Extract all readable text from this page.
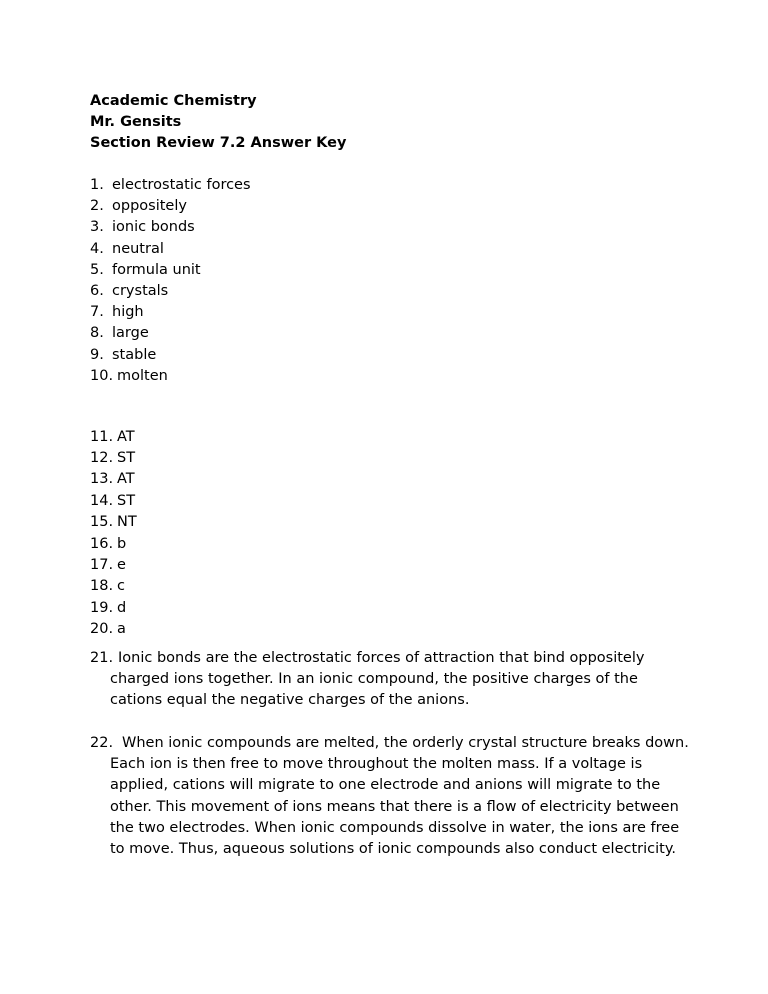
Academic Chemistry
Mr. Gensits
Section Review 7.2 Answer Key
1. electrostatic forces
2. oppositely
3. ionic bonds
4. neutral
5. formula unit
6. crystals
7. high
8. large
9. stable
10. molten
11. AT
12. ST
13. AT
14. ST
15. NT
16. b
17. e
18. c
19. d
20. a
21. Ionic bonds are the electrostatic forces of attraction that bind oppositely charged ions together. In an ionic compound, the positive charges of the cations equal the negative charges of the anions.
22. When ionic compounds are melted, the orderly crystal structure breaks down. Each ion is then free to move throughout the molten mass. If a voltage is applied, cations will migrate to one electrode and anions will migrate to the other. This movement of ions means that there is a flow of electricity between the two electrodes. When ionic compounds dissolve in water, the ions are free to move. Thus, aqueous solutions of ionic compounds also conduct electricity.
